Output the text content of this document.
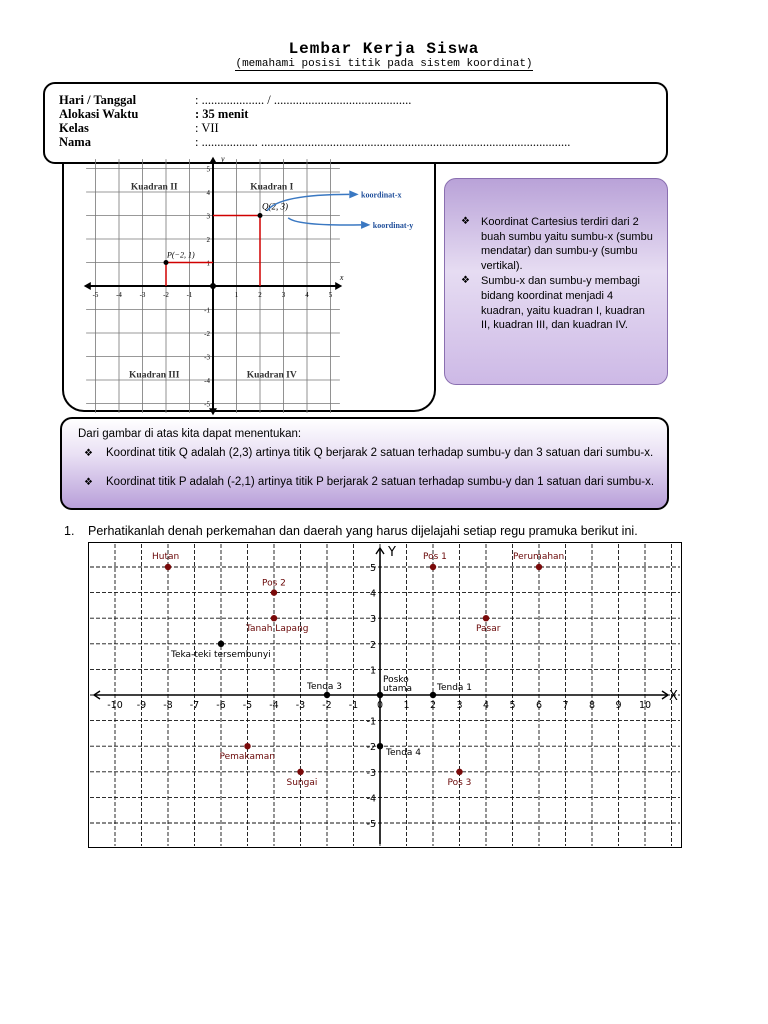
Lembar Kerja Siswa
(memahami posisi titik pada sistem koordinat)
Hari / Tanggal	: .................... / ............................................
Alokasi Waktu	: 35 menit
Kelas	: VII
Nama	: .................. ...................................................................................................
x
y
-5	-4	-3	-2	-1	1	2	3	4	5
5
4
3
2
1
-1
-2
-3
-4
-5
Kuadran II	Kuadran I
Kuadran III	Kuadran IV
Q(2, 3)
P(−2, 1)
koordinat-x
koordinat-y	❖ Koordinat Cartesius terdiri dari 2 buah sumbu yaitu sumbu-x (sumbu mendatar) dan sumbu-y (sumbu vertikal).
❖ Sumbu-x dan sumbu-y membagi bidang koordinat menjadi 4 kuadran, yaitu kuadran I, kuadran II, kuadran III, dan kuadran IV.
Dari gambar di atas kita dapat menentukan:
❖ Koordinat titik Q adalah (2,3) artinya titik Q berjarak 2 satuan terhadap sumbu-y dan 3 satuan dari sumbu-x.
❖ Koordinat titik P adalah (-2,1) artinya titik P berjarak 2 satuan terhadap sumbu-y dan 1 satuan dari sumbu-x.
1. Perhatikanlah denah perkemahan dan daerah yang harus dijelajahi setiap regu pramuka berikut ini.
X
Y
-10 -9 -8 -7 -6 -5 -4 -3 -2 -1 0 1 2 3 4 5 6 7 8 9 10
5
4
3
2
1
-1
-2
-3
-4
-5
Hutan	Pos 1	Perumahan
Pos 2
Tanah Lapang	Pasar
Teka-teki tersembunyi
Tenda 3
Posko
utama	Tenda 1
Pemakaman	Tenda 4
Sungai	Pos 3
